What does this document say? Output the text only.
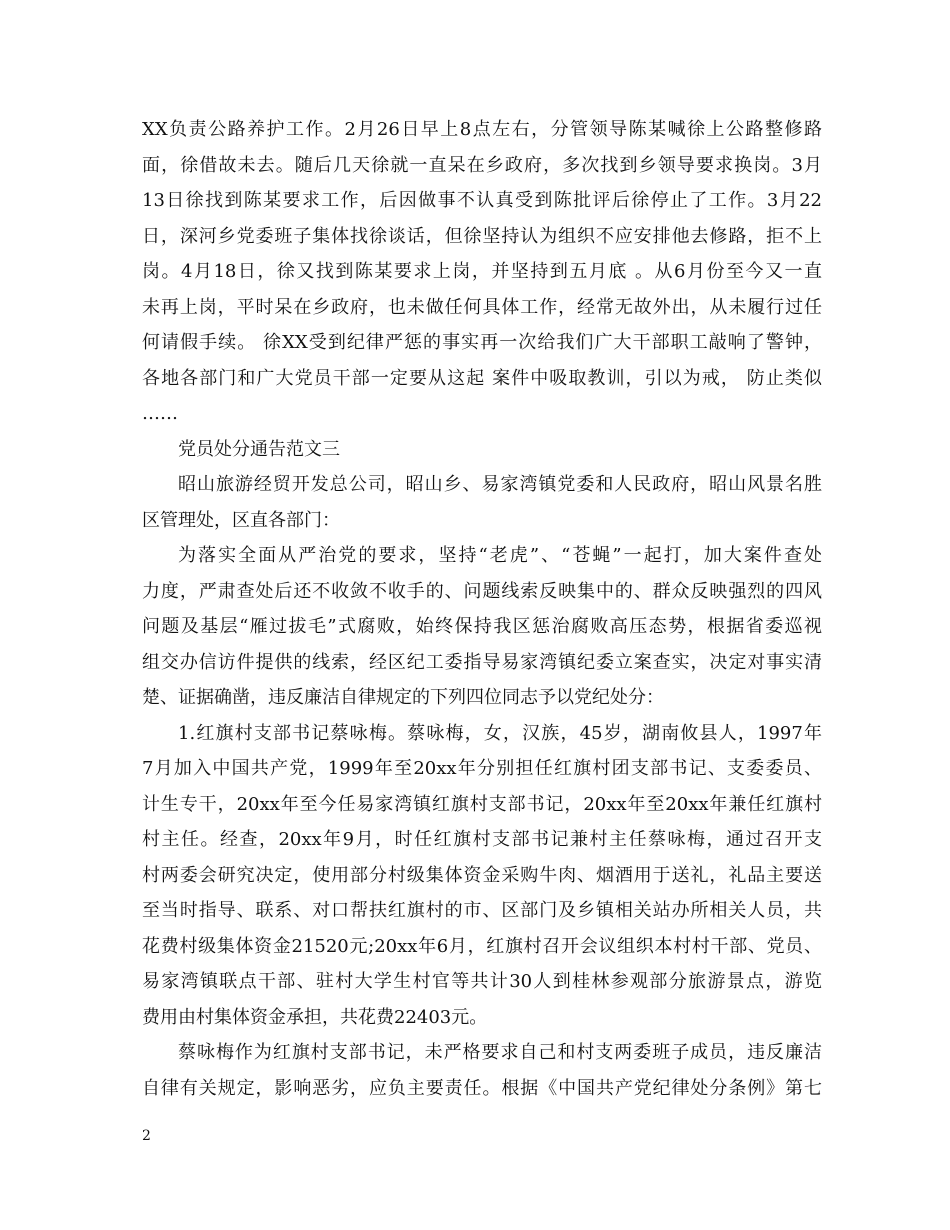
XX负责公路养护工作。2月26日早上8点左右，分管领导陈某喊徐上公路整修路
面，徐借故未去。随后几天徐就一直呆在乡政府，多次找到乡领导要求换岗。3月
13日徐找到陈某要求工作，后因做事不认真受到陈批评后徐停止了工作。3月22
日，深河乡党委班子集体找徐谈话，但徐坚持认为组织不应安排他去修路，拒不上
岗。4月18日，徐又找到陈某要求上岗，并坚持到五月底 。从6月份至今又一直
未再上岗，平时呆在乡政府，也未做任何具体工作，经常无故外出，从未履行过任
何请假手续。 徐XX受到纪律严惩的事实再一次给我们广大干部职工敲响了警钟，
各地各部门和广大党员干部一定要从这起 案件中吸取教训，引以为戒， 防止类似
……
党员处分通告范文三
昭山旅游经贸开发总公司，昭山乡、易家湾镇党委和人民政府，昭山风景名胜
区管理处，区直各部门：
为落实全面从严治党的要求，坚持“老虎”、“苍蝇”一起打，加大案件查处
力度，严肃查处后还不收敛不收手的、问题线索反映集中的、群众反映强烈的四风
问题及基层“雁过拔毛”式腐败，始终保持我区惩治腐败高压态势，根据省委巡视
组交办信访件提供的线索，经区纪工委指导易家湾镇纪委立案查实，决定对事实清
楚、证据确凿，违反廉洁自律规定的下列四位同志予以党纪处分：
1.红旗村支部书记蔡咏梅。蔡咏梅，女，汉族，45岁，湖南攸县人，1997年
7月加入中国共产党，1999年至20xx年分别担任红旗村团支部书记、支委委员、
计生专干，20xx年至今任易家湾镇红旗村支部书记，20xx年至20xx年兼任红旗村
村主任。经查，20xx年9月，时任红旗村支部书记兼村主任蔡咏梅，通过召开支
村两委会研究决定，使用部分村级集体资金采购牛肉、烟酒用于送礼，礼品主要送
至当时指导、联系、对口帮扶红旗村的市、区部门及乡镇相关站办所相关人员，共
花费村级集体资金21520元;20xx年6月，红旗村召开会议组织本村村干部、党员、
易家湾镇联点干部、驻村大学生村官等共计30人到桂林参观部分旅游景点，游览
费用由村集体资金承担，共花费22403元。
蔡咏梅作为红旗村支部书记，未严格要求自己和村支两委班子成员，违反廉洁
自律有关规定，影响恶劣，应负主要责任。根据《中国共产党纪律处分条例》第七
2
